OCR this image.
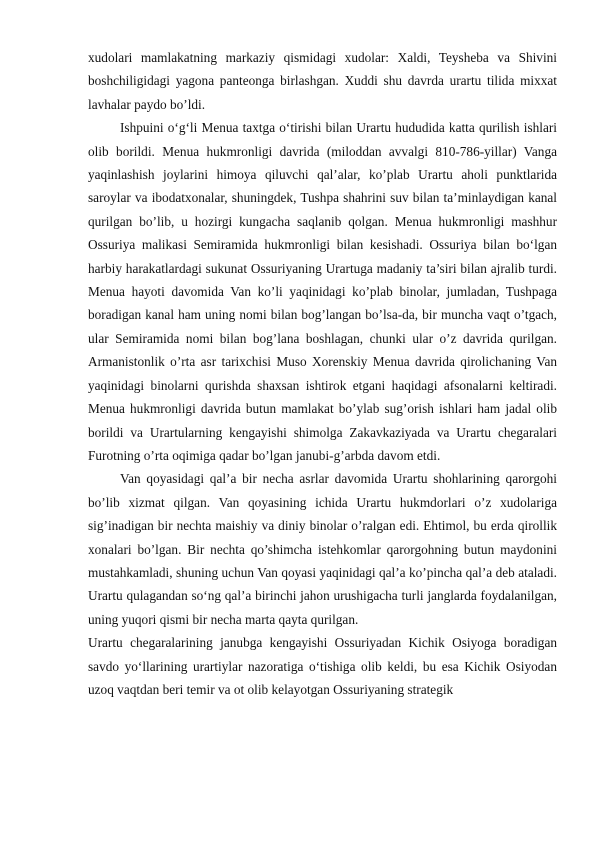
xudolari mamlakatning markaziy qismidagi xudolar: Xaldi, Teysheba va Shivini boshchiligidagi yagona panteonga birlashgan. Xuddi shu davrda urartu tilida mixxat lavhalar paydo bo’ldi.

Ishpuini o‘g‘li Menua taxtga o‘tirishi bilan Urartu hududida katta qurilish ishlari olib borildi. Menua hukmronligi davrida (miloddan avvalgi 810-786-yillar) Vanga yaqinlashish joylarini himoya qiluvchi qal’alar, ko’plab Urartu aholi punktlarida saroylar va ibodatxonalar, shuningdek, Tushpa shahrini suv bilan ta’minlaydigan kanal qurilgan bo’lib, u hozirgi kungacha saqlanib qolgan. Menua hukmronligi mashhur Ossuriya malikasi Semiramida hukmronligi bilan kesishadi. Ossuriya bilan bo‘lgan harbiy harakatlardagi sukunat Ossuriyaning Urartuga madaniy ta’siri bilan ajralib turdi. Menua hayoti davomida Van ko’li yaqinidagi ko’plab binolar, jumladan, Tushpaga boradigan kanal ham uning nomi bilan bog’langan bo’lsa-da, bir muncha vaqt o’tgach, ular Semiramida nomi bilan bog’lana boshlagan, chunki ular o’z davrida qurilgan. Armanistonlik o’rta asr tarixchisi Muso Xorenskiy Menua davrida qirolichaning Van yaqinidagi binolarni qurishda shaxsan ishtirok etgani haqidagi afsonalarni keltiradi. Menua hukmronligi davrida butun mamlakat bo’ylab sug’orish ishlari ham jadal olib borildi va Urartularning kengayishi shimolga Zakavkaziyada va Urartu chegaralari Furotning o’rta oqimiga qadar bo’lgan janubi-g’arbda davom etdi.

Van qoyasidagi qal’a bir necha asrlar davomida Urartu shohlarining qarorgohi bo’lib xizmat qilgan. Van qoyasining ichida Urartu hukmdorlari o’z xudolariga sig’inadigan bir nechta maishiy va diniy binolar o’ralgan edi. Ehtimol, bu erda qirollik xonalari bo’lgan. Bir nechta qo’shimcha istehkomlar qarorgohning butun maydonini mustahkamladi, shuning uchun Van qoyasi yaqinidagi qal’a ko’pincha qal’a deb ataladi. Urartu qulagandan so‘ng qal’a birinchi jahon urushigacha turli janglarda foydalanilgan, uning yuqori qismi bir necha marta qayta qurilgan.

Urartu chegaralarining janubga kengayishi Ossuriyadan Kichik Osiyoga boradigan savdo yo‘llarining urartiylar nazoratiga o‘tishiga olib keldi, bu esa Kichik Osiyodan uzoq vaqtdan beri temir va ot olib kelayotgan Ossuriyaning strategik
